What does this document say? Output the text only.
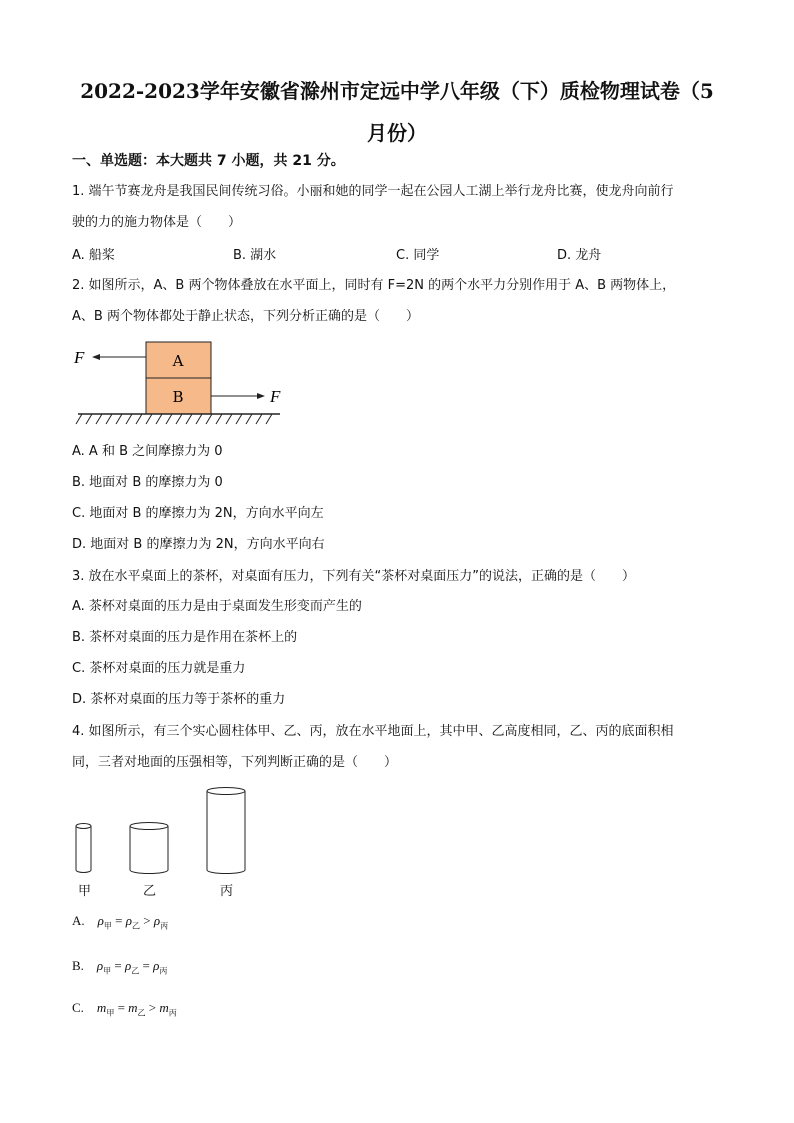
2022-2023学年安徽省滁州市定远中学八年级（下）质检物理试卷（5
月份）
一、单选题：本大题共 7 小题，共 21 分。
1. 端午节赛龙舟是我国民间传统习俗。小丽和她的同学一起在公园人工湖上举行龙舟比赛，使龙舟向前行
驶的力的施力物体是（　　）
A. 船桨	B. 湖水	C. 同学	D. 龙舟
2. 如图所示，A、B 两个物体叠放在水平面上，同时有 F=2N 的两个水平力分别作用于 A、B 两物体上，
A、B 两个物体都处于静止状态，下列分析正确的是（　　）
A
B
F
F
A. A 和 B 之间摩擦力为 0
B. 地面对 B 的摩擦力为 0
C. 地面对 B 的摩擦力为 2N，方向水平向左
D. 地面对 B 的摩擦力为 2N，方向水平向右
3. 放在水平桌面上的茶杯，对桌面有压力，下列有关“茶杯对桌面压力”的说法，正确的是（　　）
A. 茶杯对桌面的压力是由于桌面发生形变而产生的
B. 茶杯对桌面的压力是作用在茶杯上的
C. 茶杯对桌面的压力就是重力
D. 茶杯对桌面的压力等于茶杯的重力
4. 如图所示，有三个实心圆柱体甲、乙、丙，放在水平地面上，其中甲、乙高度相同，乙、丙的底面积相
同，三者对地面的压强相等，下列判断正确的是（　　）
甲	乙	丙
A. $\rho_甲 = \rho_乙 > \rho_丙$
B. $\rho_甲 = \rho_乙 = \rho_丙$
C. $m_甲 = m_乙 > m_丙$
